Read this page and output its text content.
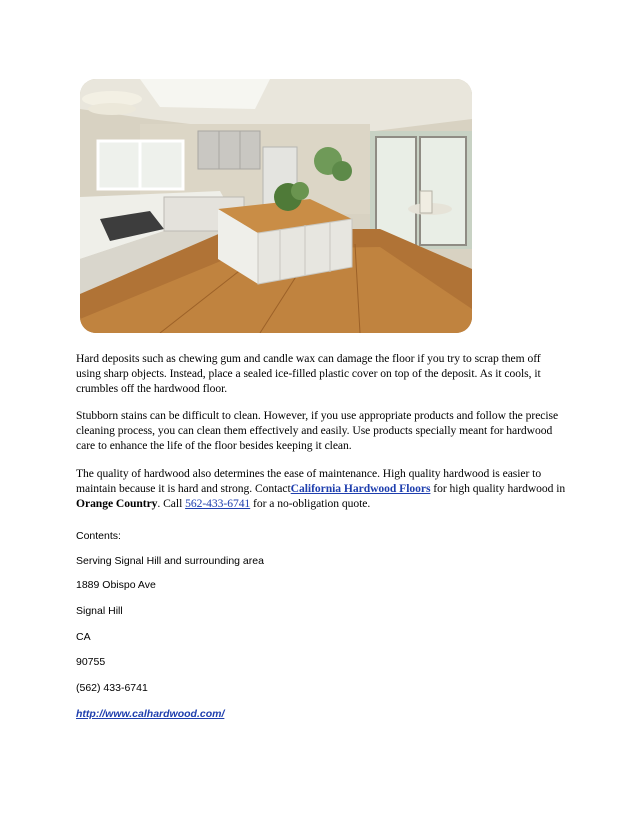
Hard deposits such as chewing gum and candle wax can damage the floor if you try to scrap them off using sharp objects. Instead, place a sealed ice-filled plastic cover on top of the deposit. As it cools, it crumbles off the hardwood floor.

Stubborn stains can be difficult to clean. However, if you use appropriate products and follow the precise cleaning process, you can clean them effectively and easily. Use products specially meant for hardwood care to enhance the life of the floor besides keeping it clean.

The quality of hardwood also determines the ease of maintenance. High quality hardwood is easier to maintain because it is hard and strong. ContactCalifornia Hardwood Floors for high quality hardwood in Orange Country. Call 562-433-6741 for a no-obligation quote.

Contents:

Serving Signal Hill and surrounding area

1889 Obispo Ave

Signal Hill

CA

90755

(562) 433-6741

http://www.calhardwood.com/
